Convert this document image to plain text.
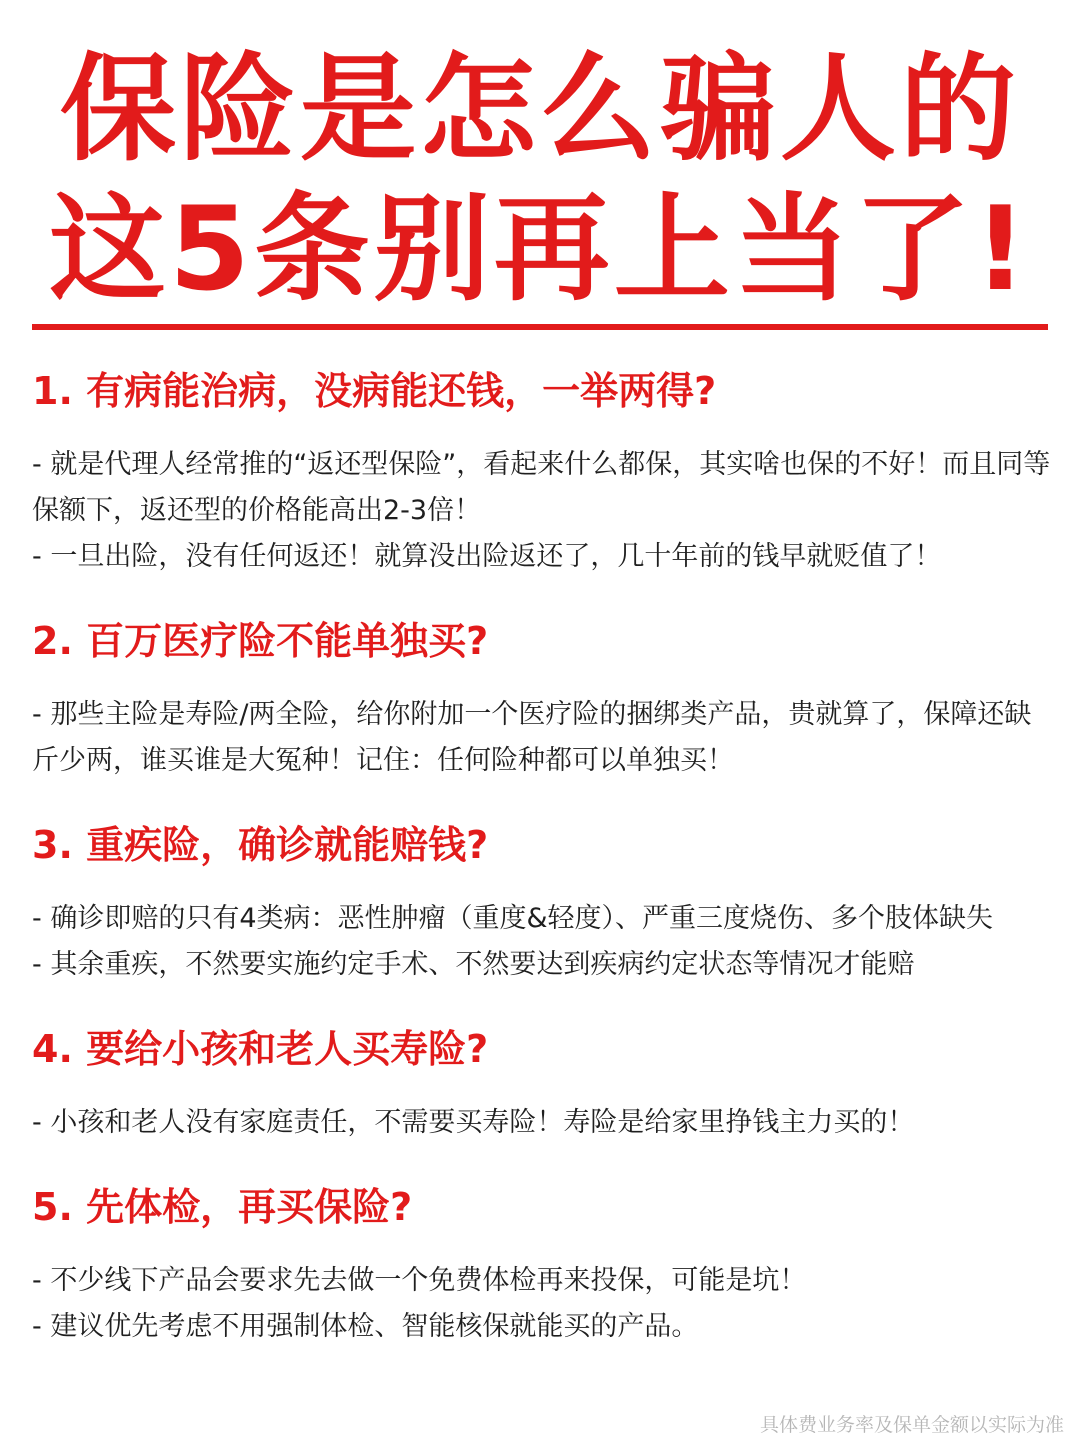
保险是怎么骗人的
这5条别再上当了!
1. 有病能治病，没病能还钱，一举两得?

- 就是代理人经常推的“返还型保险”，看起来什么都保，其实啥也保的不好！而且同等保额下，返还型的价格能高出2-3倍！

- 一旦出险，没有任何返还！就算没出险返还了，几十年前的钱早就贬值了！

2. 百万医疗险不能单独买?

- 那些主险是寿险/两全险，给你附加一个医疗险的捆绑类产品，贵就算了，保障还缺斤少两，谁买谁是大冤种！记住：任何险种都可以单独买！

3. 重疾险，确诊就能赔钱?

- 确诊即赔的只有4类病：恶性肿瘤（重度&轻度）、严重三度烧伤、多个肢体缺失

- 其余重疾，不然要实施约定手术、不然要达到疾病约定状态等情况才能赔

4. 要给小孩和老人买寿险?

- 小孩和老人没有家庭责任，不需要买寿险！寿险是给家里挣钱主力买的！

5. 先体检，再买保险?

- 不少线下产品会要求先去做一个免费体检再来投保，可能是坑！

- 建议优先考虑不用强制体检、智能核保就能买的产品。

具体费业务率及保单金额以实际为准
